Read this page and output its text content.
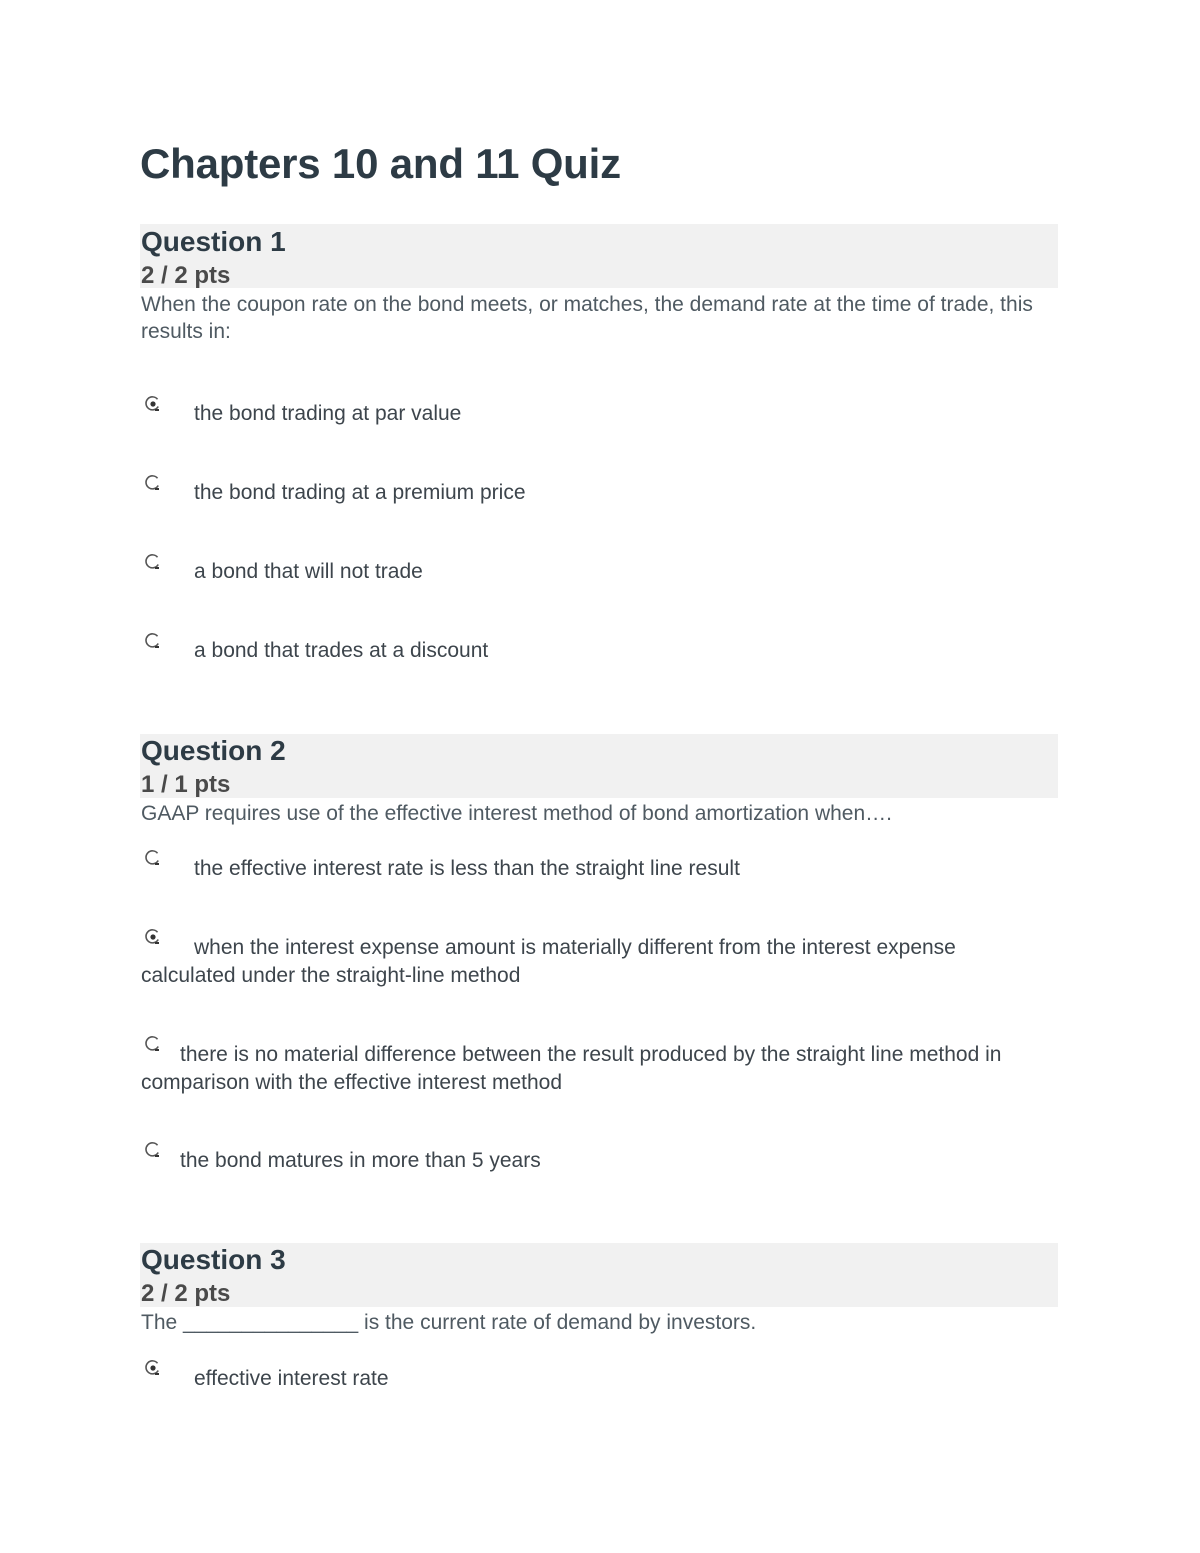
Chapters 10 and 11 Quiz
Question 1
2 / 2 pts
When the coupon rate on the bond meets, or matches, the demand rate at the time of trade, this results in:
the bond trading at par value
the bond trading at a premium price
a bond that will not trade
a bond that trades at a discount
Question 2
1 / 1 pts
GAAP requires use of the effective interest method of bond amortization when….
the effective interest rate is less than the straight line result
when the interest expense amount is materially different from the interest expense calculated under the straight-line method
there is no material difference between the result produced by the straight line method in comparison with the effective interest method
the bond matures in more than 5 years
Question 3
2 / 2 pts
The _______________ is the current rate of demand by investors.
effective interest rate
